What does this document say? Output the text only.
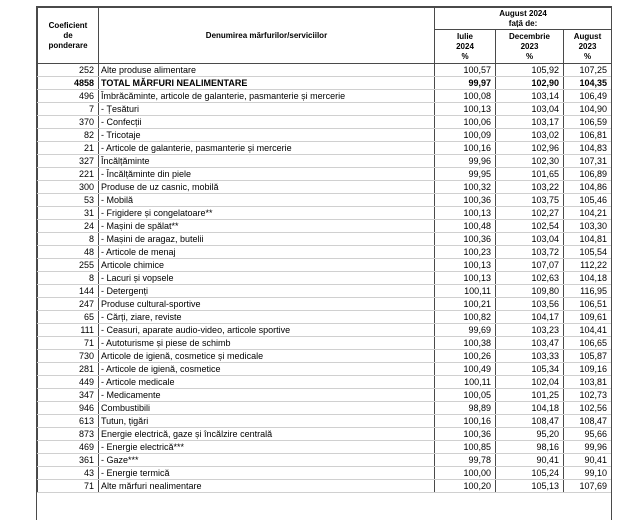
Coeficient
de
ponderare	Denumirea mărfurilor/serviciilor	August 2024
față de:		
		Iulie
2024
%	Decembrie
2023
%	August
2023
%
252	Alte produse alimentare	100,57	105,92	107,25
4858	TOTAL MĂRFURI NEALIMENTARE	99,97	102,90	104,35
496	Îmbrăcăminte, articole de galanterie, pasmanterie și mercerie	100,08	103,14	106,49
7	- Țesături	100,13	103,04	104,90
370	- Confecții	100,06	103,17	106,59
82	- Tricotaje	100,09	103,02	106,81
21	- Articole de galanterie, pasmanterie și mercerie	100,16	102,96	104,83
327	Încălțăminte	99,96	102,30	107,31
221	- Încălțăminte din piele	99,95	101,65	106,89
300	Produse de uz casnic, mobilă	100,32	103,22	104,86
53	- Mobilă	100,36	103,75	105,46
31	- Frigidere și congelatoare**	100,13	102,27	104,21
24	- Mașini de spălat**	100,48	102,54	103,30
8	- Mașini de aragaz, butelii	100,36	103,04	104,81
48	- Articole de menaj	100,23	103,72	105,54
255	Articole chimice	100,13	107,07	112,22
8	- Lacuri și vopsele	100,13	102,63	104,18
144	- Detergenți	100,11	109,80	116,95
247	Produse cultural-sportive	100,21	103,56	106,51
65	- Cărți, ziare, reviste	100,82	104,17	109,61
111	- Ceasuri, aparate audio-video, articole sportive	99,69	103,23	104,41
71	- Autoturisme și piese de schimb	100,38	103,47	106,65
730	Articole de igienă, cosmetice și medicale	100,26	103,33	105,87
281	- Articole de igienă, cosmetice	100,49	105,34	109,16
449	- Articole medicale	100,11	102,04	103,81
347	- Medicamente	100,05	101,25	102,73
946	Combustibili	98,89	104,18	102,56
613	Tutun, țigări	100,16	108,47	108,47
873	Energie electrică, gaze și încălzire centrală	100,36	95,20	95,66
469	- Energie electrică***	100,85	98,16	99,96
361	- Gaze***	99,78	90,41	90,41
43	- Energie termică	100,00	105,24	99,10
71	Alte mărfuri nealimentare	100,20	105,13	107,69
